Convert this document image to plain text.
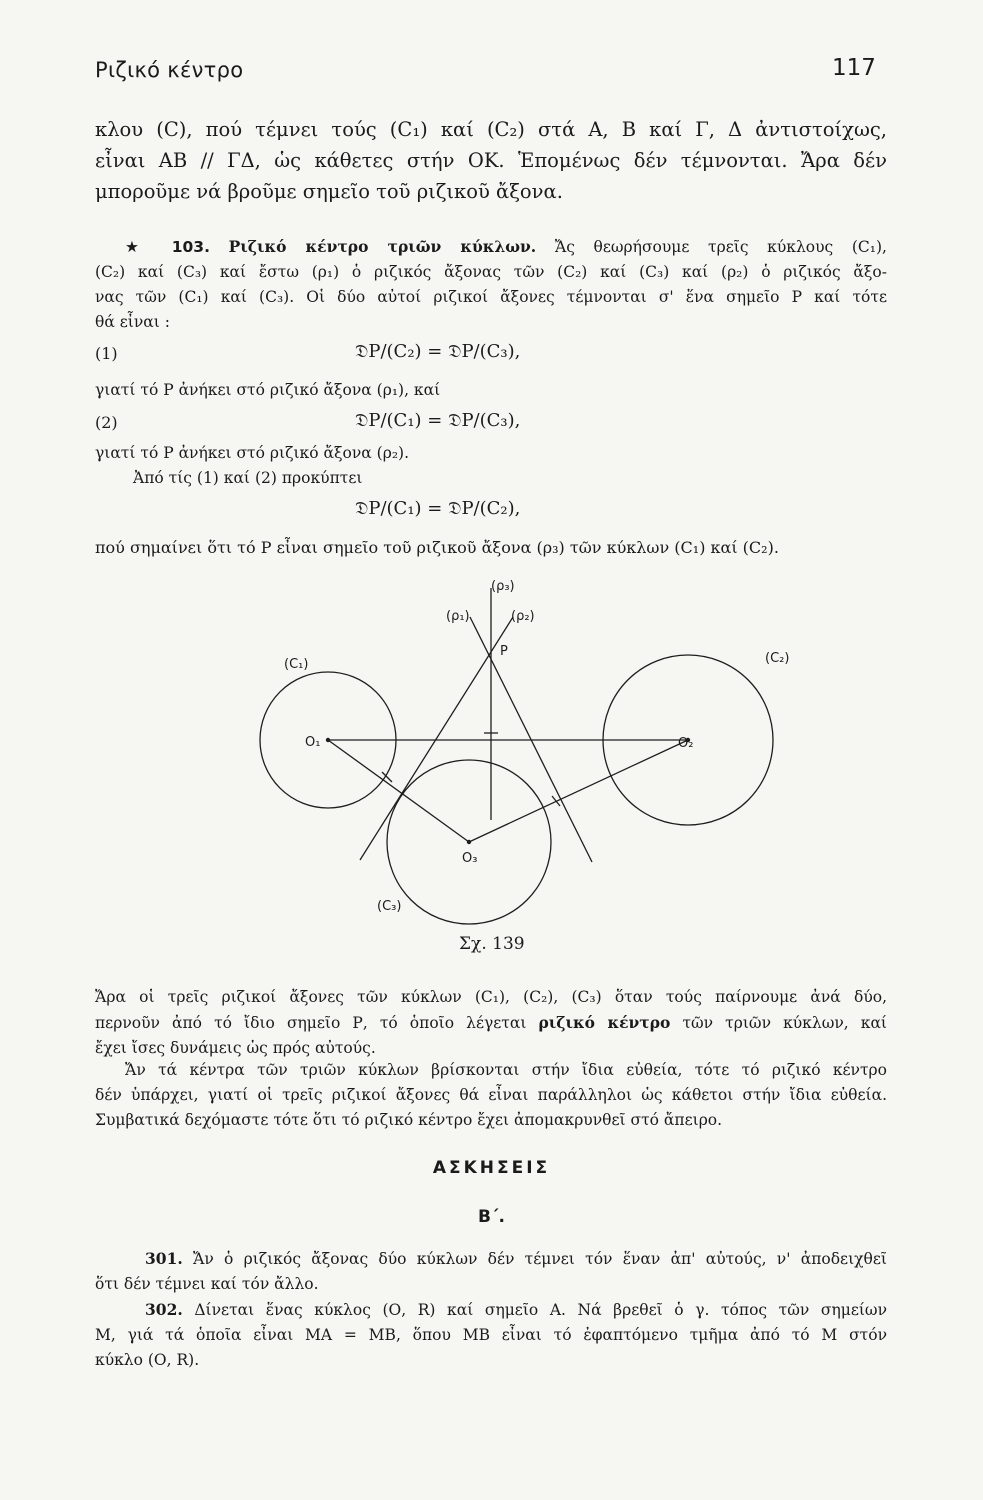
Ριζικό κέντρο	117
κλου (C), πού τέμνει τούς (C₁) καί (C₂) στά Α, Β καί Γ, Δ ἀντιστοίχως,
εἶναι ΑΒ // ΓΔ, ὡς κάθετες στήν ΟΚ. Ἑπομένως δέν τέμνονται. Ἄρα δέν
μποροῦμε νά βροῦμε σημεῖο τοῦ ριζικοῦ ἄξονα.
★ 103. Ριζικό κέντρο τριῶν κύκλων. Ἄς θεωρήσουμε τρεῖς κύκλους (C₁),
(C₂) καί (C₃) καί ἔστω (ρ₁) ὁ ριζικός ἄξονας τῶν (C₂) καί (C₃) καί (ρ₂) ὁ ριζικός ἄξο-
νας τῶν (C₁) καί (C₃). Οἱ δύο αὐτοί ριζικοί ἄξονες τέμνονται σ' ἕνα σημεῖο Ρ καί τότε
θά εἶναι :
(1)	𝔇Ρ/(C₂) = 𝔇Ρ/(C₃),
γιατί τό Ρ ἀνήκει στό ριζικό ἄξονα (ρ₁), καί
(2)	𝔇Ρ/(C₁) = 𝔇Ρ/(C₃),
γιατί τό Ρ ἀνήκει στό ριζικό ἄξονα (ρ₂).
Ἀπό τίς (1) καί (2) προκύπτει
𝔇Ρ/(C₁) = 𝔇Ρ/(C₂),
πού σημαίνει ὅτι τό Ρ εἶναι σημεῖο τοῦ ριζικοῦ ἄξονα (ρ₃) τῶν κύκλων (C₁) καί (C₂).
(C₁)	(C₂)
(C₃)
O₁	O₂
O₃
P
(ρ₁)	(ρ₂)
(ρ₃)
Σχ. 139
Ἄρα οἱ τρεῖς ριζικοί ἄξονες τῶν κύκλων (C₁), (C₂), (C₃) ὅταν τούς παίρνουμε ἀνά δύο,
περνοῦν ἀπό τό ἴδιο σημεῖο Ρ, τό ὁποῖο λέγεται ριζικό κέντρο τῶν τριῶν κύκλων, καί
ἔχει ἴσες δυνάμεις ὡς πρός αὐτούς.
Ἄν τά κέντρα τῶν τριῶν κύκλων βρίσκονται στήν ἴδια εὐθεία, τότε τό ριζικό κέντρο
δέν ὑπάρχει, γιατί οἱ τρεῖς ριζικοί ἄξονες θά εἶναι παράλληλοι ὡς κάθετοι στήν ἴδια εὐθεία.
Συμβατικά δεχόμαστε τότε ὅτι τό ριζικό κέντρο ἔχει ἀπομακρυνθεῖ στό ἄπειρο.
ΑΣΚΗΣΕΙΣ
Β΄.
301. Ἄν ὁ ριζικός ἄξονας δύο κύκλων δέν τέμνει τόν ἕναν ἀπ' αὐτούς, ν' ἀποδειχθεῖ
ὅτι δέν τέμνει καί τόν ἄλλο.
302. Δίνεται ἕνας κύκλος (Ο, R) καί σημεῖο Α. Νά βρεθεῖ ὁ γ. τόπος τῶν σημείων
Μ, γιά τά ὁποῖα εἶναι ΜΑ = ΜΒ, ὅπου ΜΒ εἶναι τό ἐφαπτόμενο τμῆμα ἀπό τό Μ στόν
κύκλο (Ο, R).
